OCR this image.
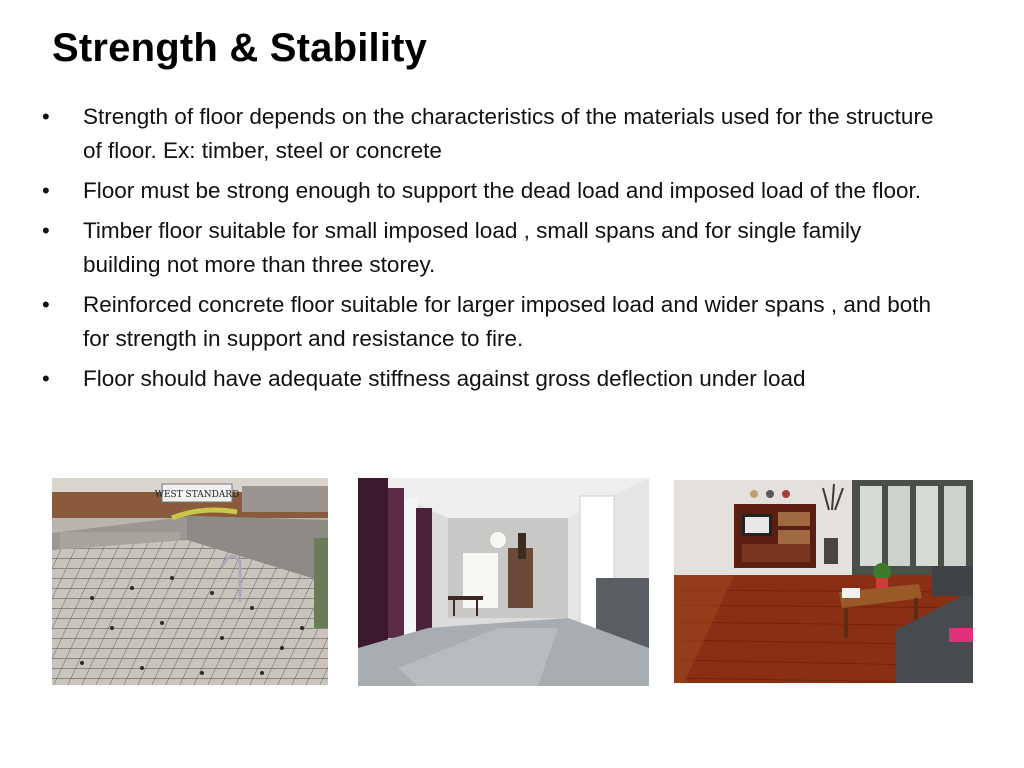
Strength & Stability
• Strength of floor depends on the characteristics of the materials used for the structure of floor. Ex: timber, steel or concrete
• Floor must be strong enough to support the dead load and imposed load of the floor.
• Timber floor suitable for small imposed load , small spans and for single family building not more than three storey.
• Reinforced concrete floor suitable for larger imposed load and wider spans , and both for strength in support and resistance to fire.
• Floor should have adequate stiffness against gross deflection under load
WEST STANDARD
